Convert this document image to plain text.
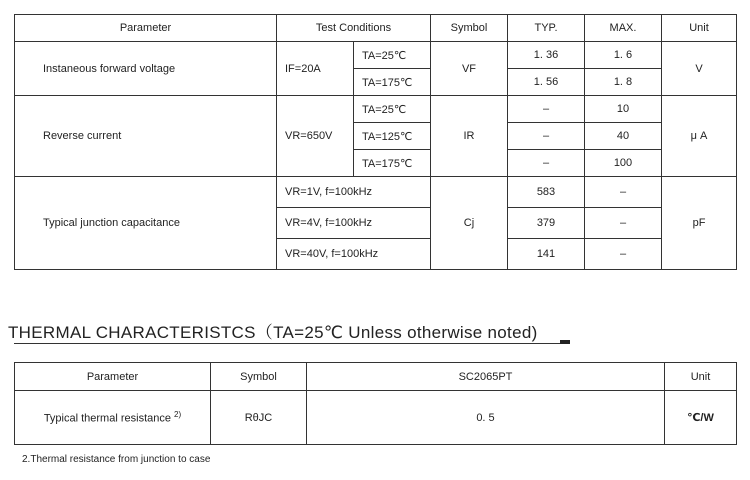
Parameter	Test Conditions		Symbol	TYP.	MAX.	Unit
Instaneous forward voltage	IF=20A	TA=25℃	VF	1. 36	1. 6	V
		TA=175℃		1. 56	1. 8	
Reverse current	VR=650V	TA=25℃	IR	–	10	μ A
		TA=125℃		–	40	
		TA=175℃		–	100	
Typical junction capacitance	VR=1V, f=100kHz		Cj	583	–	pF
	VR=4V, f=100kHz			379	–	
	VR=40V, f=100kHz			141	–	
THERMAL CHARACTERISTCS（TA=25℃ Unless otherwise noted)
Parameter	Symbol	SC2065PT	Unit
Typical thermal resistance $^{2)}$	RθJC	0. 5	℃/W
2.Thermal resistance from junction to case
